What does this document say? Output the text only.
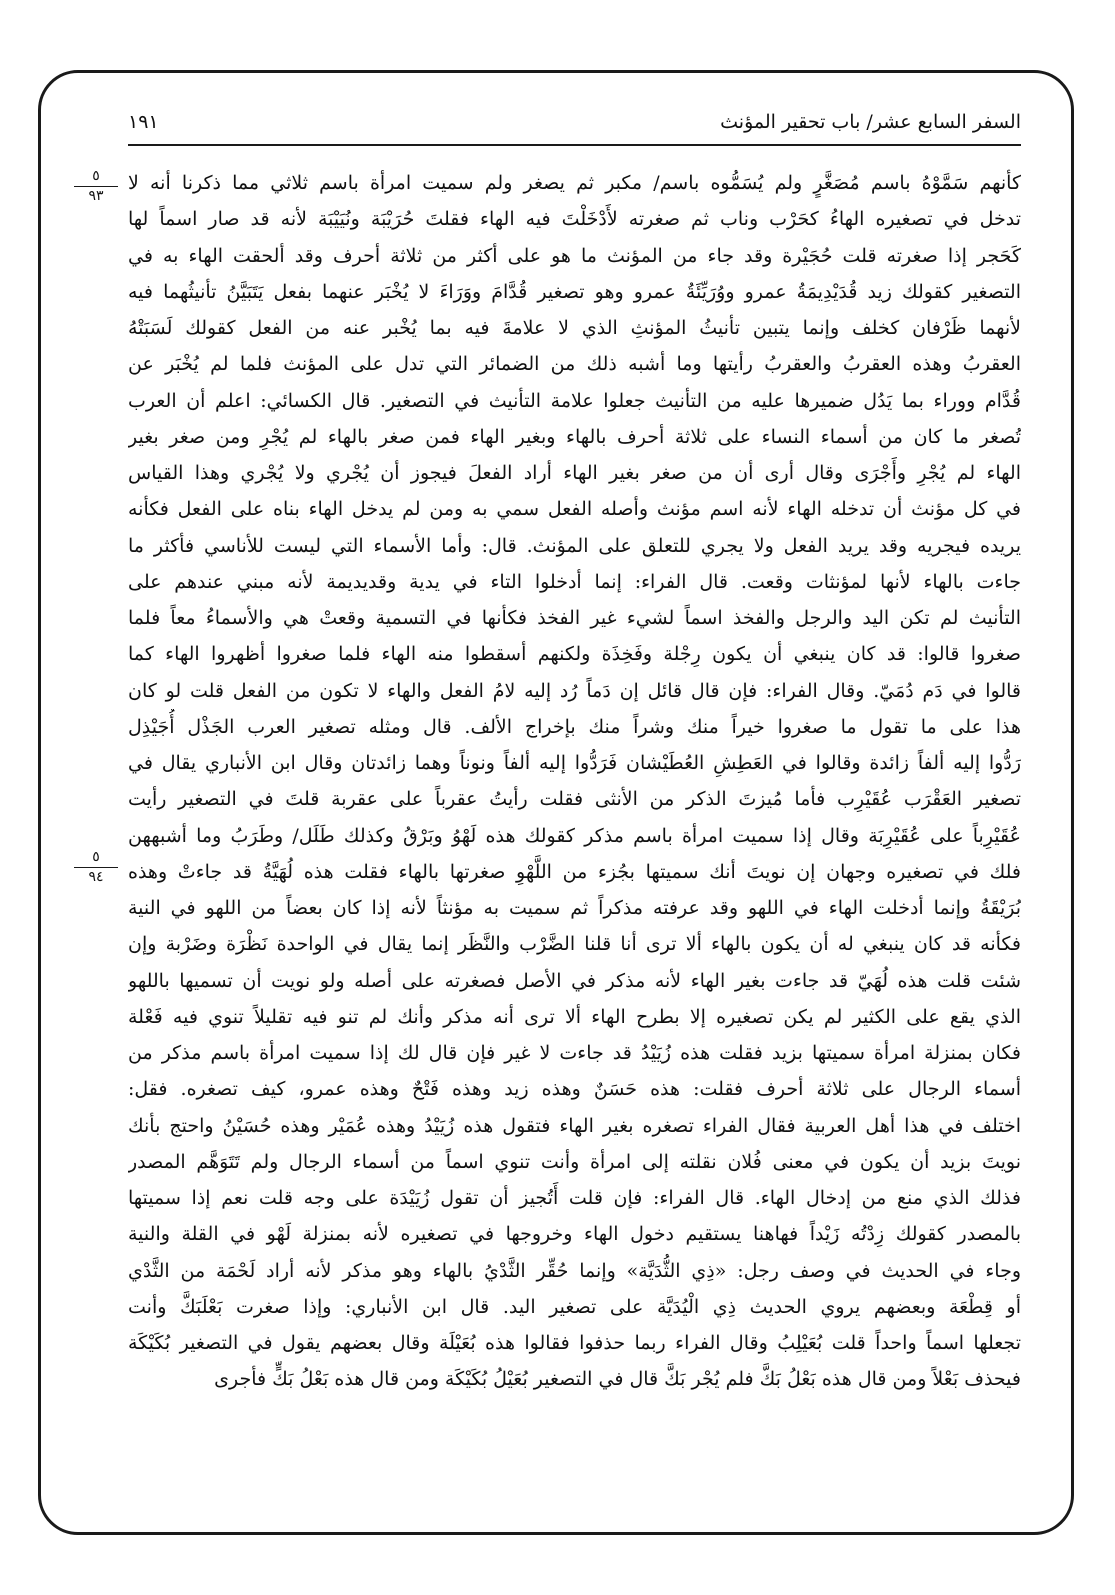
السفر السابع عشر/ باب تحقير المؤنث
١٩١
٥
٩٣
٥
٩٤
كأنهم سَمَّوْهُ باسم مُصَغَّرٍ ولم يُسَمُّوه باسم/ مكبر ثم يصغر ولم سميت امرأة باسم ثلاثي مما ذكرنا أنه لا
تدخل في تصغيره الهاءُ كحَرْب وناب ثم صغرته لأَدْخَلْتَ فيه الهاء فقلتَ حُرَيْبَة ونُيَيْبَة لأنه قد صار اسماً لها
كَحَجر إذا صغرته قلت حُجَيْرة وقد جاء من المؤنث ما هو على أكثر من ثلاثة أحرف وقد ألحقت الهاء به في
التصغير كقولك زيد قُدَيْدِيمَةُ عمرو ووُرَيِّئَةُ عمرو وهو تصغير قُدَّامَ ووَرَاءَ لا يُخْبَر عنهما بفعل يَتَبَيَّنُ تأنيثُهما فيه
لأنهما ظَرْفان كخلف وإنما يتبين تأنيثُ المؤنثِ الذي لا علامةَ فيه بما يُخْبر عنه من الفعل كقولك لَسَبَتْهُ
العقربُ وهذه العقربُ والعقربُ رأيتها وما أشبه ذلك من الضمائر التي تدل على المؤنث فلما لم يُخْبَر عن
قُدَّام ووراء بما يَدُل ضميرها عليه من التأنيث جعلوا علامة التأنيث في التصغير. قال الكسائي: اعلم أن العرب
تُصغر ما كان من أسماء النساء على ثلاثة أحرف بالهاء وبغير الهاء فمن صغر بالهاء لم يُجْرِ ومن صغر بغير
الهاء لم يُجْرِ وأَجْرَى وقال أرى أن من صغر بغير الهاء أراد الفعلَ فيجوز أن يُجْري ولا يُجْري وهذا القياس
في كل مؤنث أن تدخله الهاء لأنه اسم مؤنث وأصله الفعل سمي به ومن لم يدخل الهاء بناه على الفعل فكأنه
يريده فيجريه وقد يريد الفعل ولا يجري للتعلق على المؤنث. قال: وأما الأسماء التي ليست للأناسي فأكثر ما
جاءت بالهاء لأنها لمؤنثات وقعت. قال الفراء: إنما أدخلوا التاء في يدية وقديديمة لأنه مبني عندهم على
التأنيث لم تكن اليد والرجل والفخذ اسماً لشيء غير الفخذ فكأنها في التسمية وقعتْ هي والأسماءُ معاً فلما
صغروا قالوا: قد كان ينبغي أن يكون رِجْلة وفَخِذَة ولكنهم أسقطوا منه الهاء فلما صغروا أظهروا الهاء كما
قالوا في دَم دُمَيّ. وقال الفراء: فإن قال قائل إن دَماً رُد إليه لامُ الفعل والهاء لا تكون من الفعل قلت لو كان
هذا على ما تقول ما صغروا خيراً منك وشراً منك بإخراج الألف. قال ومثله تصغير العرب الجَذْل أُجَيْذِل
رَدُّوا إليه ألفاً زائدة وقالوا في العَطِشِ العُطَيْشان فَرَدُّوا إليه ألفاً ونوناً وهما زائدتان وقال ابن الأنباري يقال في
تصغير العَقْرَب عُقَيْرِب فأما مُيزتَ الذكر من الأنثى فقلت رأيتُ عقرباً على عقربة قلتَ في التصغير رأيت
عُقَيْرِباً على عُقَيْرِبَة وقال إذا سميت امرأة باسم مذكر كقولك هذه لَهْوُ وبَرْقُ وكذلك طَلَل/ وطَرَبُ وما أشبههن
فلك في تصغيره وجهان إن نويتَ أنك سميتها بجُزء من اللَّهْوِ صغرتها بالهاء فقلت هذه لُهَيَّةُ قد جاءتْ وهذه
بُرَيْقَةُ وإنما أدخلت الهاء في اللهو وقد عرفته مذكراً ثم سميت به مؤنثاً لأنه إذا كان بعضاً من اللهو في النية
فكأنه قد كان ينبغي له أن يكون بالهاء ألا ترى أنا قلنا الضَّرْب والنَّظَر إنما يقال في الواحدة نَظْرَة وضَرْبة وإن
شئت قلت هذه لُهَيّ قد جاءت بغير الهاء لأنه مذكر في الأصل فصغرته على أصله ولو نويت أن تسميها باللهو
الذي يقع على الكثير لم يكن تصغيره إلا بطرح الهاء ألا ترى أنه مذكر وأنك لم تنو فيه تقليلاً تنوي فيه فَعْلة
فكان بمنزلة امرأة سميتها بزيد فقلت هذه زُيَيْدُ قد جاءت لا غير فإن قال لك إذا سميت امرأة باسم مذكر من
أسماء الرجال على ثلاثة أحرف فقلت: هذه حَسَنٌ وهذه زيد وهذه فَتْحٌ وهذه عمرو، كيف تصغره. فقل:
اختلف في هذا أهل العربية فقال الفراء تصغره بغير الهاء فتقول هذه زُيَيْدُ وهذه عُمَيْر وهذه حُسَيْنُ واحتج بأنك
نويتَ بزيد أن يكون في معنى فُلان نقلته إلى امرأة وأنت تنوي اسماً من أسماء الرجال ولم تَتَوَهَّم المصدر
فذلك الذي منع من إدخال الهاء. قال الفراء: فإن قلت أَتُجيز أن تقول زُيَيْدَة على وجه قلت نعم إذا سميتها
بالمصدر كقولك زِدْتُه زَيْداً فهاهنا يستقيم دخول الهاء وخروجها في تصغيره لأنه بمنزلة لَهْو في القلة والنية
وجاء في الحديث في وصف رجل: «ذِي الثُّدَيَّة» وإنما حُقِّر الثَّدْيُ بالهاء وهو مذكر لأنه أراد لَحْمَة من الثَّدْي
أو قِطْعَة وبعضهم يروي الحديث ذِي الْيُدَيَّة على تصغير اليد. قال ابن الأنباري: وإذا صغرت بَعْلَبَكَّ وأنت
تجعلها اسماً واحداً قلت بُعَيْلِبُ وقال الفراء ربما حذفوا فقالوا هذه بُعَيْلَة وقال بعضهم يقول في التصغير بُكَيْكَة
فيحذف بَعْلاً ومن قال هذه بَعْلُ بَكَّ فلم يُجْر بَكَّ قال في التصغير بُعَيْلُ بُكَيْكَة ومن قال هذه بَعْلُ بَكٍّ فأجرى
